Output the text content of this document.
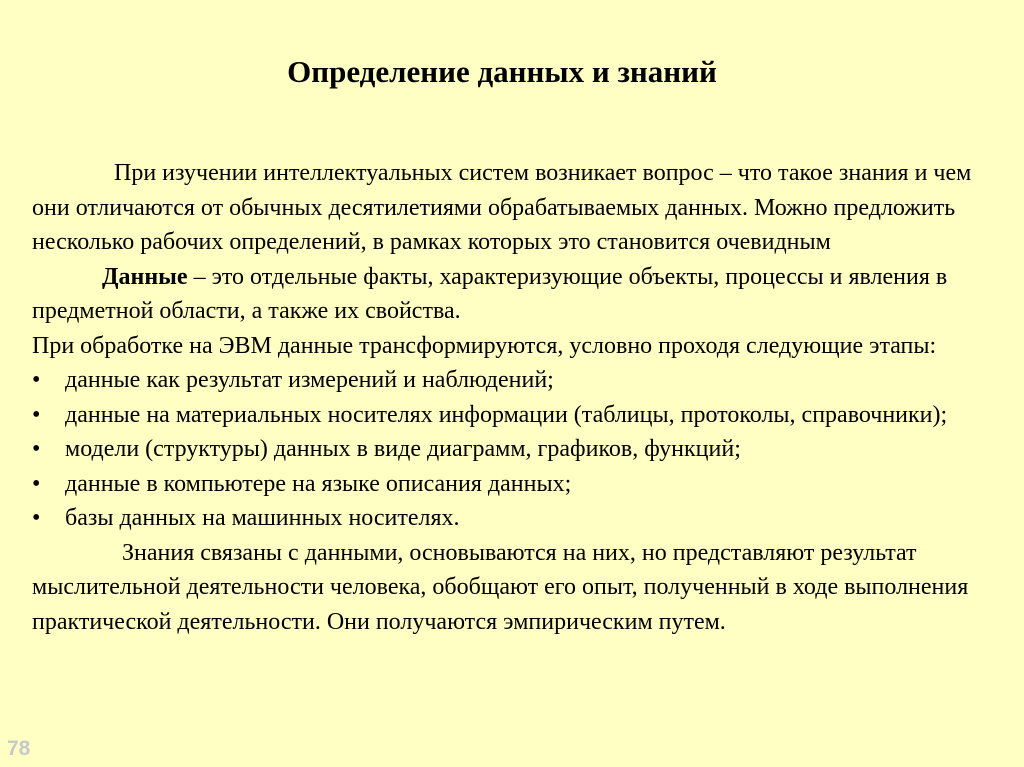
Определение данных и знаний

При изучении интеллектуальных систем возникает вопрос – что такое знания и чем они отличаются от обычных десятилетиями обрабатываемых данных. Можно предложить несколько рабочих определений, в рамках которых это становится очевидным

Данные – это отдельные факты, характеризующие объекты, процессы и явления в предметной области, а также их свойства.

При обработке на ЭВМ данные трансформируются, условно проходя следующие этапы:

• данные как результат измерений и наблюдений;
• данные на материальных носителях информации (таблицы, протоколы, справочники);
• модели (структуры) данных в виде диаграмм, графиков, функций;
• данные в компьютере на языке описания данных;
• базы данных на машинных носителях.

Знания связаны с данными, основываются на них, но представляют результат мыслительной деятельности человека, обобщают его опыт, полученный в ходе выполнения практической деятельности. Они получаются эмпирическим путем.

78
